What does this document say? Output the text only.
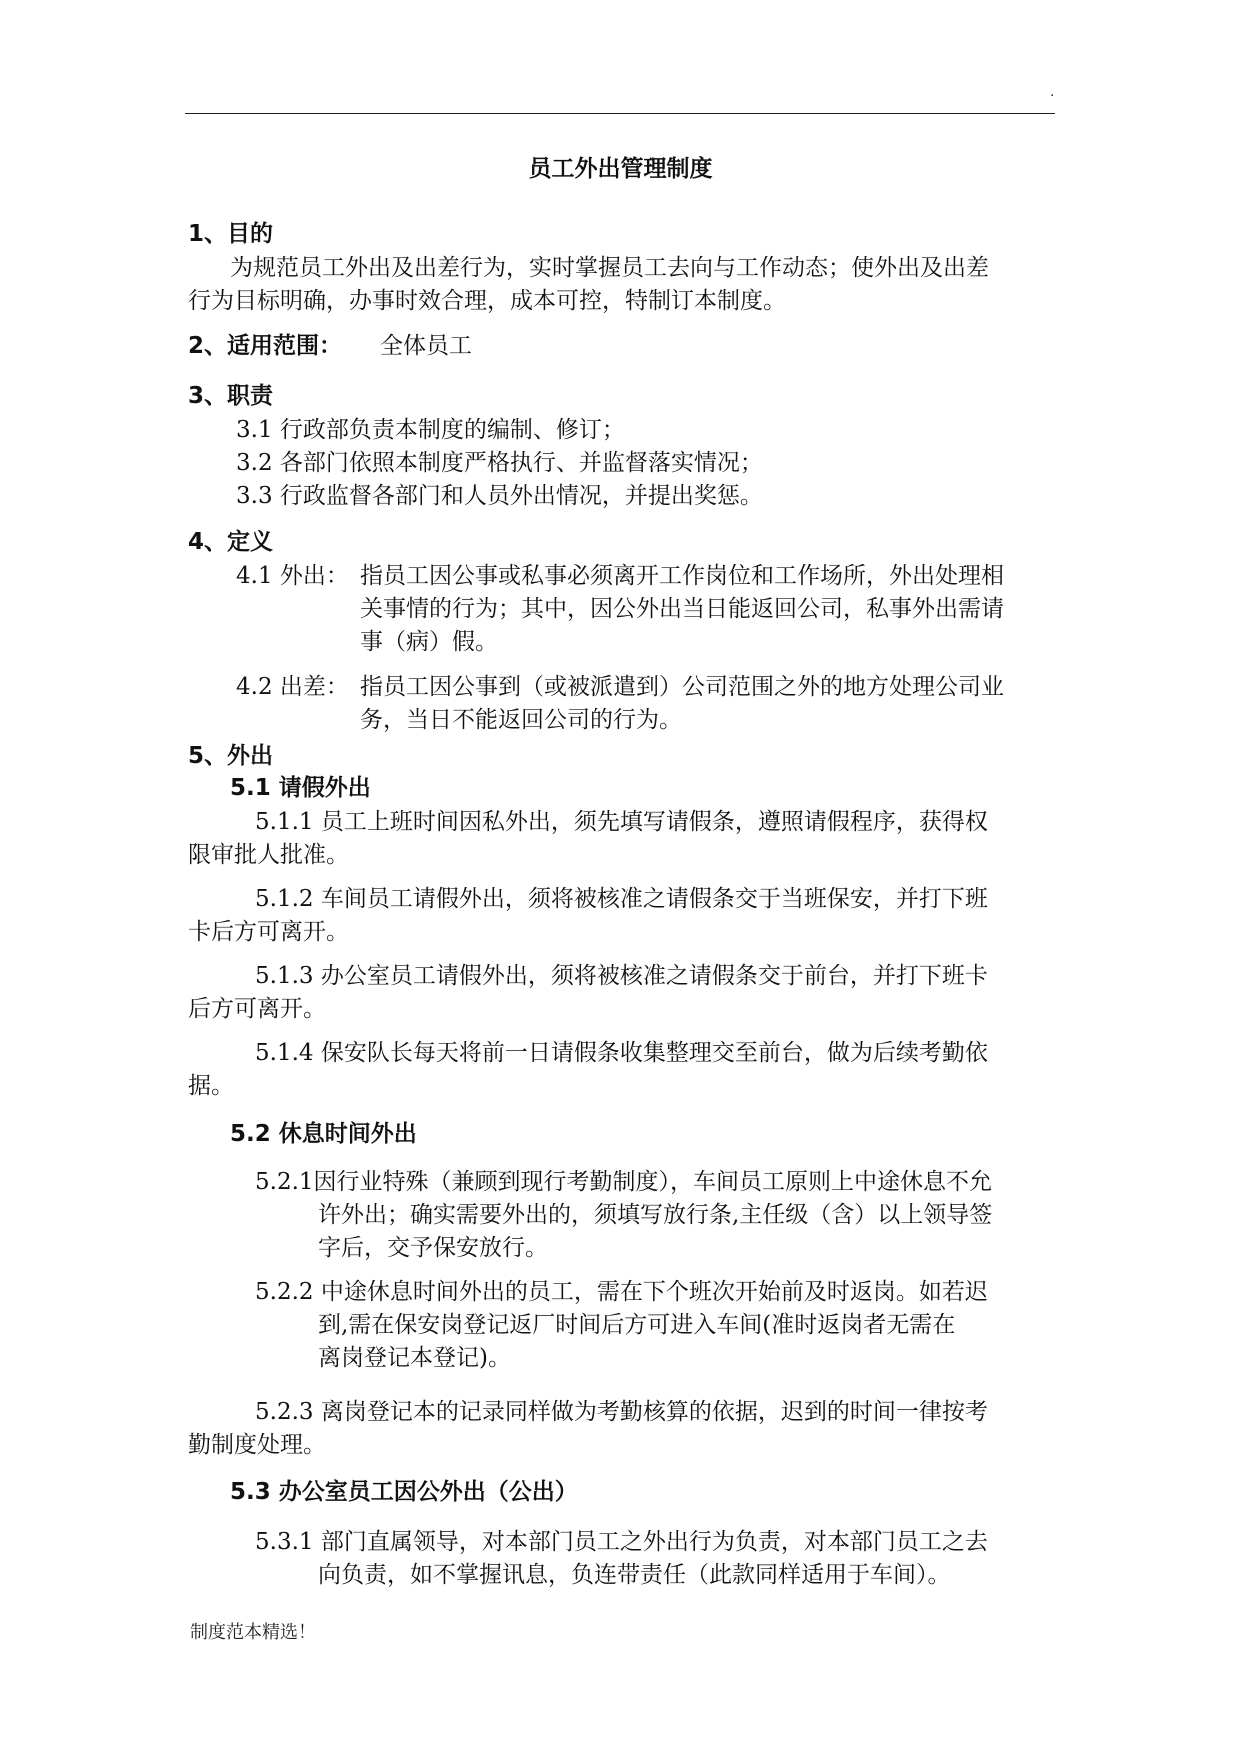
.
员工外出管理制度
1、目的
为规范员工外出及出差行为，实时掌握员工去向与工作动态；使外出及出差
行为目标明确，办事时效合理，成本可控，特制订本制度。
2、适用范围： 全体员工
3、职责
3.1 行政部负责本制度的编制、修订；
3.2 各部门依照本制度严格执行、并监督落实情况；
3.3 行政监督各部门和人员外出情况，并提出奖惩。
4、定义
4.1 外出： 指员工因公事或私事必须离开工作岗位和工作场所，外出处理相
关事情的行为；其中，因公外出当日能返回公司，私事外出需请
事（病）假。
4.2 出差： 指员工因公事到（或被派遣到）公司范围之外的地方处理公司业
务，当日不能返回公司的行为。
5、外出
5.1 请假外出
5.1.1 员工上班时间因私外出，须先填写请假条，遵照请假程序，获得权
限审批人批准。
5.1.2 车间员工请假外出，须将被核准之请假条交于当班保安，并打下班
卡后方可离开。
5.1.3 办公室员工请假外出，须将被核准之请假条交于前台，并打下班卡
后方可离开。
5.1.4 保安队长每天将前一日请假条收集整理交至前台，做为后续考勤依
据。
5.2 休息时间外出
5.2.1因行业特殊（兼顾到现行考勤制度），车间员工原则上中途休息不允
许外出；确实需要外出的，须填写放行条,主任级（含）以上领导签
字后，交予保安放行。
5.2.2 中途休息时间外出的员工，需在下个班次开始前及时返岗。如若迟
到,需在保安岗登记返厂时间后方可进入车间(准时返岗者无需在
离岗登记本登记)。
5.2.3 离岗登记本的记录同样做为考勤核算的依据，迟到的时间一律按考
勤制度处理。
5.3 办公室员工因公外出（公出）
5.3.1 部门直属领导，对本部门员工之外出行为负责，对本部门员工之去
向负责，如不掌握讯息，负连带责任（此款同样适用于车间）。
制度范本精选！
